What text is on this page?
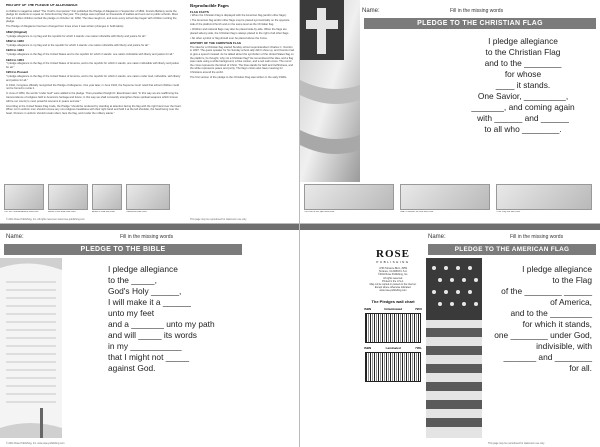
HISTORY OF THE PLEDGE OF ALLEGIANCE
A children's magazine called "The Youth's Companion" first published the Pledge of Allegiance in September of 1892. Francis Bellamy wrote the pledge for students to repeat on Columbus Day that year. The pledge was reprinted on thousands of leaflets and sent out to public schools. More than 12 million children recited the pledge on October 12, 1892. The idea caught on, and soon every school day began with children reciting the pledge.
The Pledge of Allegiance has been changed four times since it was written (changes in bold italics):
1892 (Original)
"I pledge allegiance to my flag and the republic for which it stands: one nation indivisible with liberty and justice for all."
1892 to 1923
"I pledge allegiance to my flag and to the republic for which it stands: one nation indivisible with liberty and justice for all."
1923 to 1924
"I pledge allegiance to the flag of the United States and to the republic for which it stands: one nation indivisible with liberty and justice for all."
1924 to 1954
"I pledge allegiance to the flag of the United States of America, and to the republic for which it stands, one nation indivisible with liberty and justice for all."
1954 to Present
"I pledge allegiance to the flag of the United States of America, and to the republic for which it stands, one nation under God, indivisible, with liberty and justice for all."
In 1942, Congress officially recognized the Pledge of Allegiance. One year later, in June 1943, the Supreme Court ruled that school children could not be forced to recite it.
In June of 1954, the words "under God" were added to the pledge. Then-president Dwight D. Eisenhower said, "In this way we are reaffirming the transcendence of religious faith in America's heritage and future; in this way we shall constantly strengthen those spiritual weapons which forever will be our country's most powerful resource in peace and war."
According to the United States Flag Code, the Pledge "should be rendered by standing at attention facing the flag with the right hand over the heart. When not in uniform men should remove any non-religious headdress with their right hand and hold it at the left shoulder, the hand being over the heart. Persons in uniform should remain silent, face the flag, and render the military salute."
Reproducible Pages
FLAG FACTS
• When the Christian Flag is displayed with the American flag (and/or other flags):
• The American flag and/or other flags may be placed symmetrically on the opposite side of the platform/church and on the same level as the Christian flag.
• Children and national flags may also be placed side-by-side. When the flags are placed side-by-side, the Christian flag is always placed to the right of all other flags.
• No other symbol or flag should ever be placed above the Cross.
HISTORY OF THE CHRISTIAN FLAG
The idea for a Christian flag started Sunday school superintendent Charles C. Overton in 1897. The guest speaker for his Sunday school rally didn't show up, and Overton had to give a speech instead. As he talked about the symbolism of the United States flag on the platform, he thought, why not a Christian flag? He remembered the idea, and a flag was made using a white background, a blue canton, and a red Latin cross. The red of the cross represents the blood of Christ. The blue stands for faith and truthfulness, and the white represents peace and purity. The flag's colors also have meaning for Christians around the world.
The first version of the pledge to the Christian Flag was written in the early 1900s.
The Ten Commandments wall chart	Books of the Bible wall chart	Armor of God wall chart	Tabernacle wall chart
© 2011 Rose Publishing, Inc. All rights reserved. www.rose-publishing.com	This page may be reproduced for classroom use only.
Name:	Fill in the missing words
PLEDGE TO THE CHRISTIAN FLAG
I pledge allegiance
to the Christian Flag
and to the ________
for whose
____ it stands.
One Savior, _________,
_______, and coming again
with ______ and ______
to all who ________.
The Fruit of the Spirit wall chart	God's Promises for Kids wall chart	I Can Pray For wall chart
Name:	Fill in the missing words
PLEDGE TO THE BIBLE
I pledge allegiance
to the _____,
God's Holy ______,
I will make it a ______
unto my feet
and a _______ unto my path
and will _____ its words
in my ___________
that I might not _____
against God.
© 2011 Rose Publishing, Inc. www.rose-publishing.com
Name:	Fill in the missing words
PLEDGE TO THE AMERICAN FLAG
ROSE
PUBLISHING
4733 Torrance Blvd., #259
Torrance, CA 90503 U.S.A.
©2011 Rose Publishing, Inc.
All rights reserved.
Printed in the U.S.A.
May not be copied or posted on the internet.
Except where otherwise indicated.
www.rose-publishing.com
The Pledges wall chart
ISBN	Unlaminated	795X
ISBN	Laminated	795L
I pledge allegiance
to the Flag
of the ________ ______
of America,
and to the _________
for which it stands,
one ________ under God,
indivisible, with
_______ and ________
for all.
This page may be reproduced for classroom use only.
